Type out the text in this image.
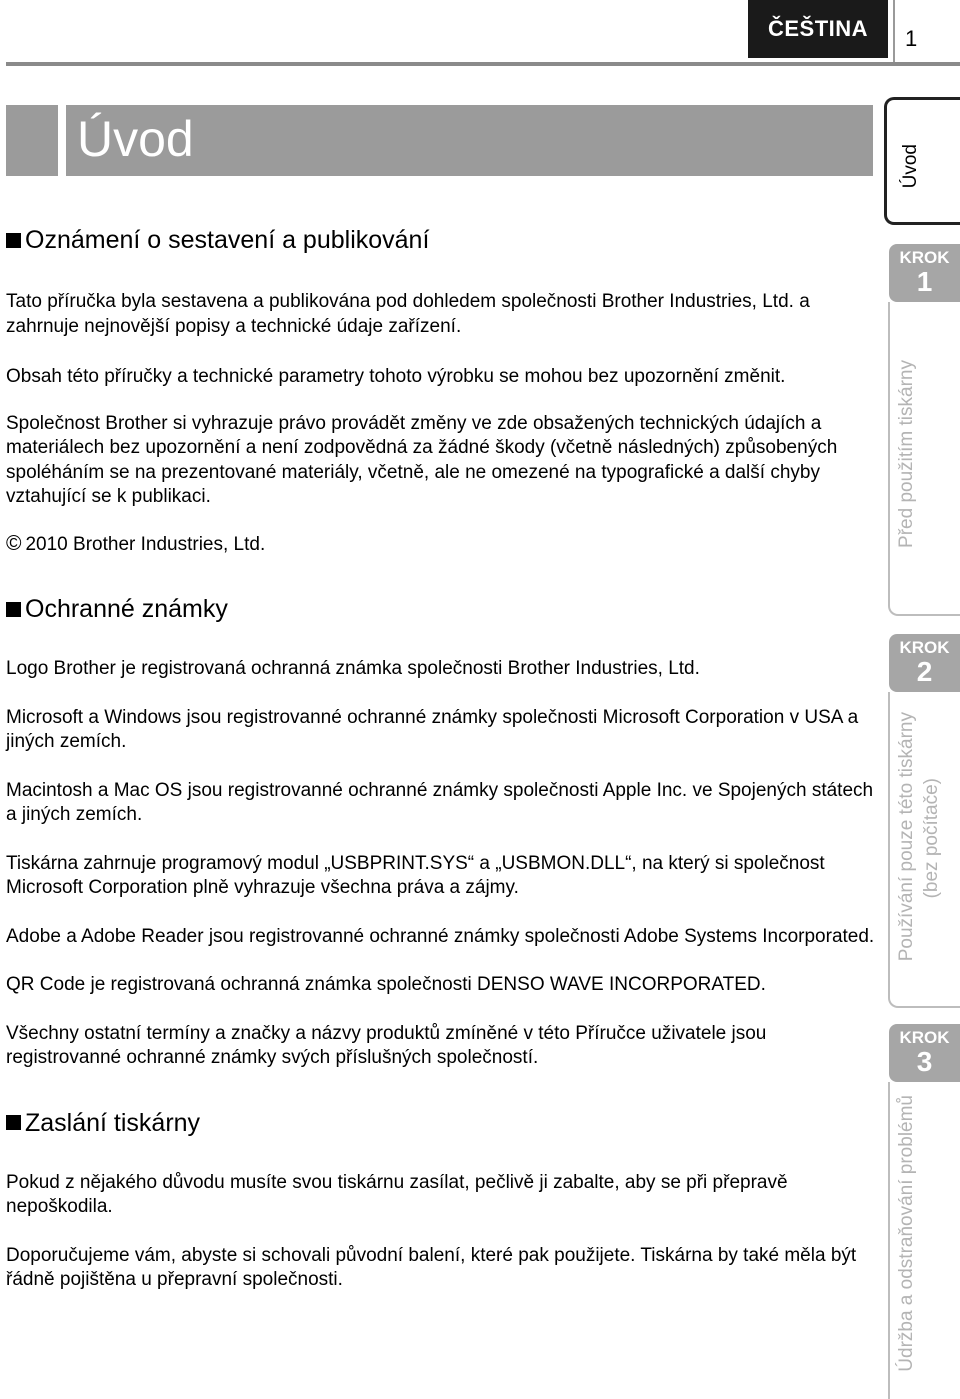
ČEŠTINA	1
Úvod
Oznámení o sestavení a publikování

Tato příručka byla sestavena a publikována pod dohledem společnosti Brother Industries, Ltd. a zahrnuje nejnovější popisy a technické údaje zařízení.

Obsah této příručky a technické parametry tohoto výrobku se mohou bez upozornění změnit.

Společnost Brother si vyhrazuje právo provádět změny ve zde obsažených technických údajích a materiálech bez upozornění a není zodpovědná za žádné škody (včetně následných) způsobených spoléháním se na prezentované materiály, včetně, ale ne omezené na typografické a další chyby vztahující se k publikaci.

© 2010 Brother Industries, Ltd.

Ochranné známky

Logo Brother je registrovaná ochranná známka společnosti Brother Industries, Ltd.

Microsoft a Windows jsou registrovanné ochranné známky společnosti Microsoft Corporation v USA a jiných zemích.

Macintosh a Mac OS jsou registrovanné ochranné známky společnosti Apple Inc. ve Spojených státech a jiných zemích.

Tiskárna zahrnuje programový modul „USBPRINT.SYS“ a „USBMON.DLL“, na který si společnost Microsoft Corporation plně vyhrazuje všechna práva a zájmy.

Adobe a Adobe Reader jsou registrovanné ochranné známky společnosti Adobe Systems Incorporated.

QR Code je registrovaná ochranná známka společnosti DENSO WAVE INCORPORATED.

Všechny ostatní termíny a značky a názvy produktů zmíněné v této Příručce uživatele jsou registrovanné ochranné známky svých příslušných společností.

Zaslání tiskárny

Pokud z nějakého důvodu musíte svou tiskárnu zasílat, pečlivě ji zabalte, aby se při přepravě nepoškodila.

Doporučujeme vám, abyste si schovali původní balení, které pak použijete. Tiskárna by také měla být řádně pojištěna u přepravní společnosti.

Úvod
KROK
1
Před použitím tiskárny
KROK
2
Používání pouze této tiskárny (bez počítače)
KROK
3
Údržba a odstraňování problémů
